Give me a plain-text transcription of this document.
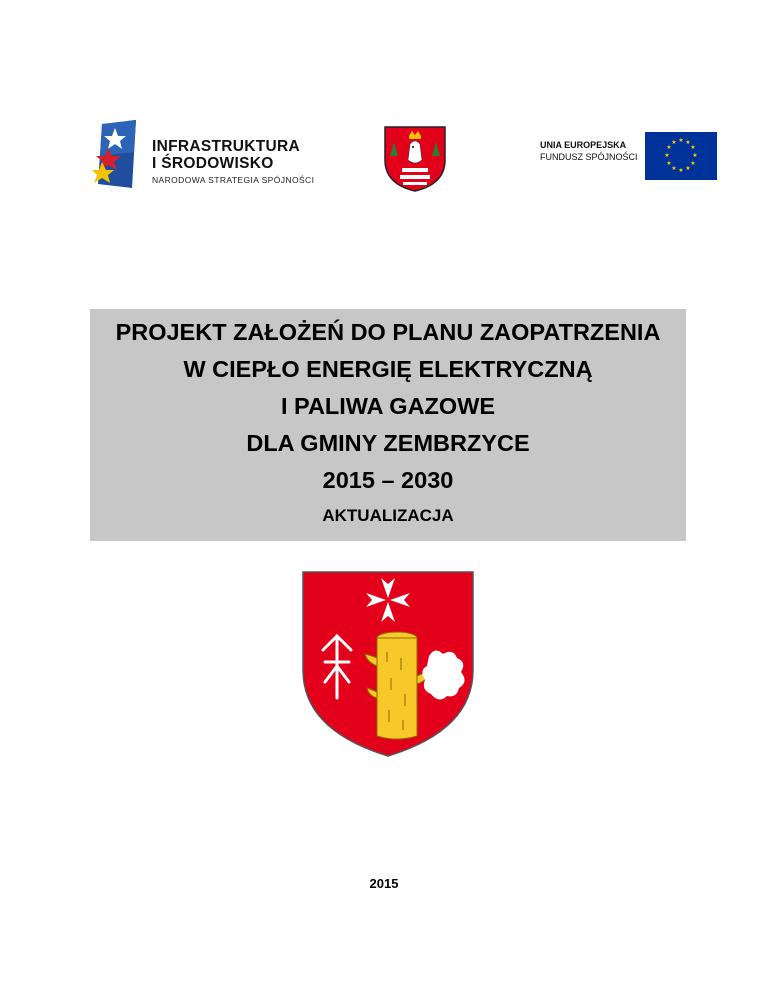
INFRASTRUKTURA
I ŚRODOWISKO
NARODOWA STRATEGIA SPÓJNOŚCI
UNIA EUROPEJSKA
FUNDUSZ SPÓJNOŚCI
★ ★
★
★
★
★
★
★
★
★
★
★
PROJEKT ZAŁOŻEŃ DO PLANU ZAOPATRZENIA
W CIEPŁO ENERGIĘ ELEKTRYCZNĄ
I PALIWA GAZOWE
DLA GMINY ZEMBRZYCE
2015 – 2030
AKTUALIZACJA
2015
